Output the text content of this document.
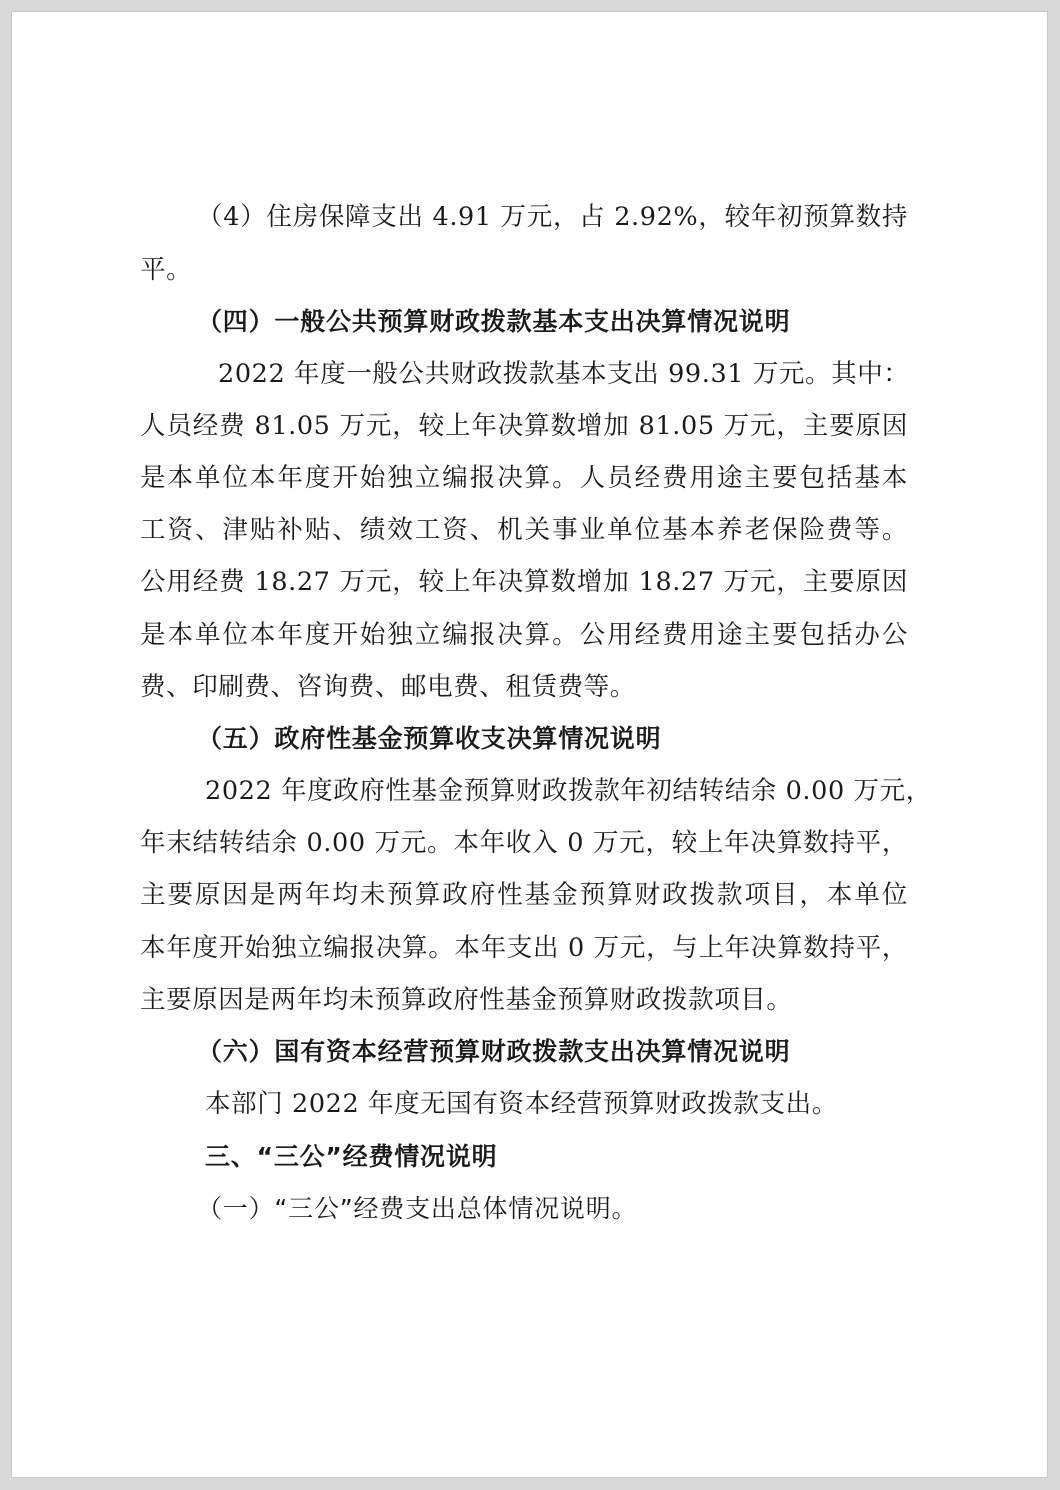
（4）住房保障支出 4.91 万元，占 2.92%，较年初预算数持
平。
（四）一般公共预算财政拨款基本支出决算情况说明
2022 年度一般公共财政拨款基本支出 99.31 万元。其中：
人员经费 81.05 万元，较上年决算数增加 81.05 万元，主要原因
是本单位本年度开始独立编报决算。人员经费用途主要包括基本
工资、津贴补贴、绩效工资、机关事业单位基本养老保险费等。
公用经费 18.27 万元，较上年决算数增加 18.27 万元，主要原因
是本单位本年度开始独立编报决算。公用经费用途主要包括办公
费、印刷费、咨询费、邮电费、租赁费等。
（五）政府性基金预算收支决算情况说明
2022 年度政府性基金预算财政拨款年初结转结余 0.00 万元，
年末结转结余 0.00 万元。本年收入 0 万元，较上年决算数持平，
主要原因是两年均未预算政府性基金预算财政拨款项目，本单位
本年度开始独立编报决算。本年支出 0 万元，与上年决算数持平，
主要原因是两年均未预算政府性基金预算财政拨款项目。
（六）国有资本经营预算财政拨款支出决算情况说明
本部门 2022 年度无国有资本经营预算财政拨款支出。
三、“三公”经费情况说明
（一）“三公”经费支出总体情况说明。
